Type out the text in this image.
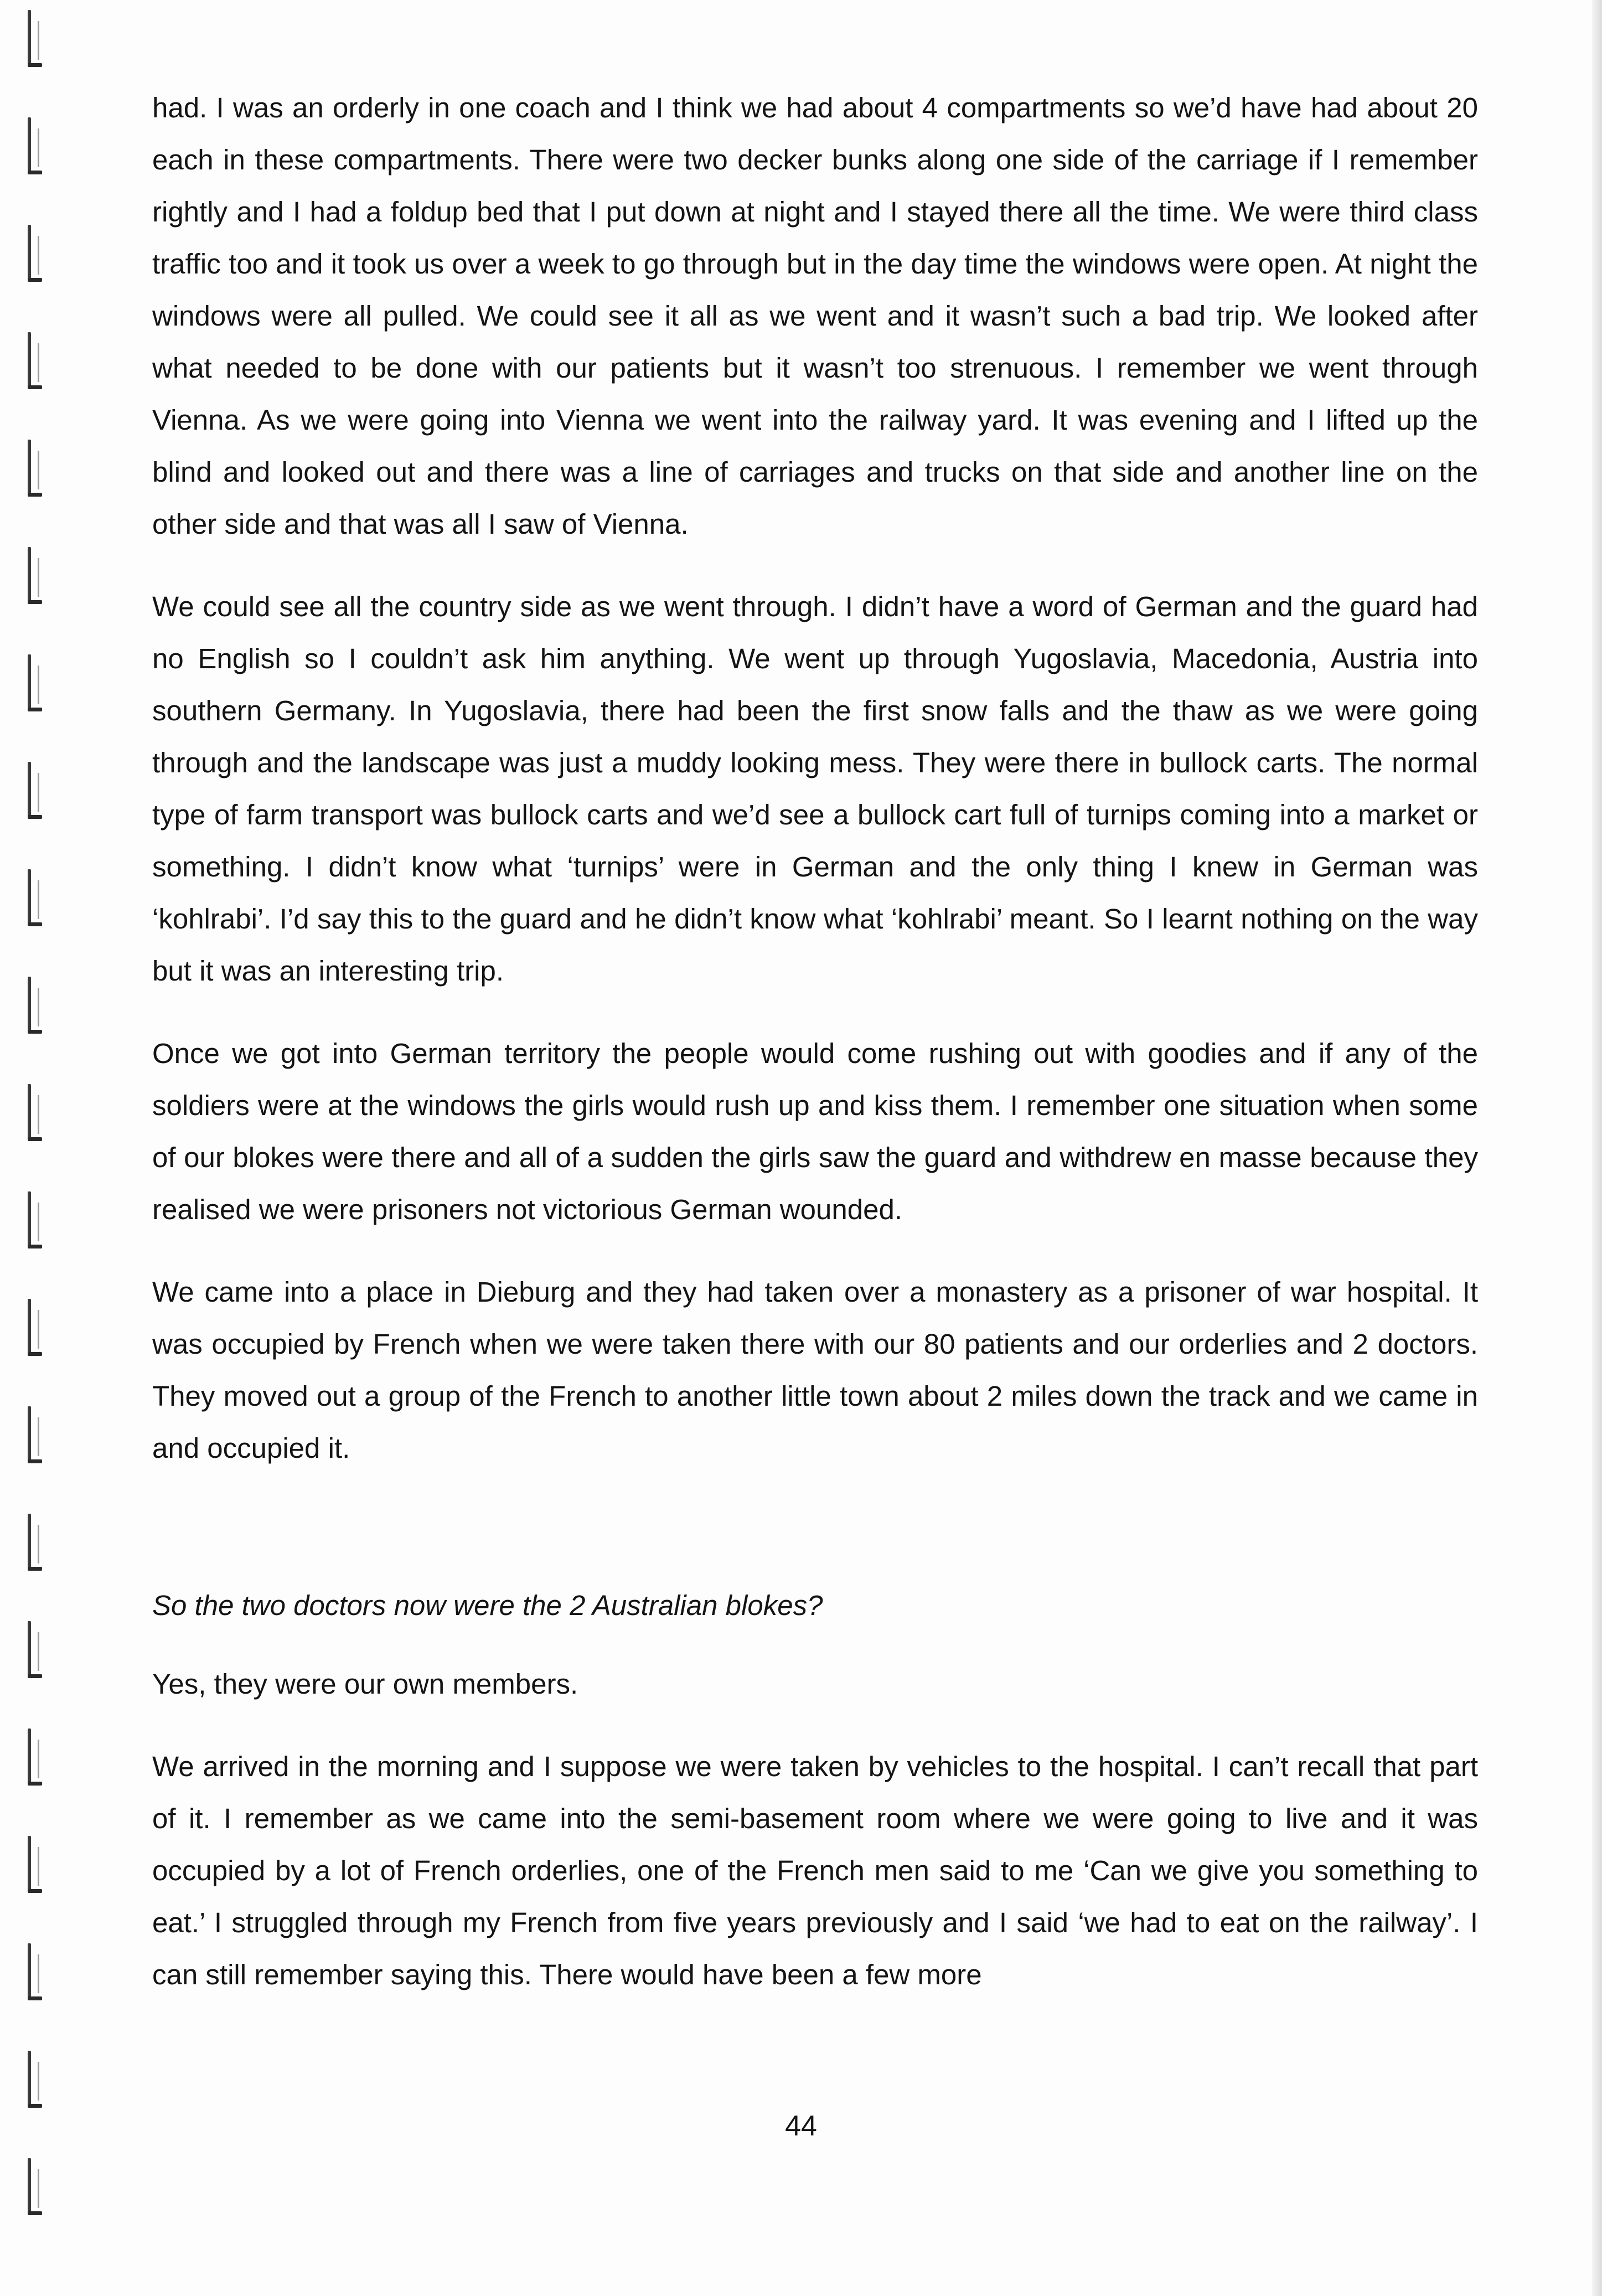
had. I was an orderly in one coach and I think we had about 4 compartments so we’d have had about 20 each in these compartments. There were two decker bunks along one side of the carriage if I remember rightly and I had a foldup bed that I put down at night and I stayed there all the time. We were third class traffic too and it took us over a week to go through but in the day time the windows were open. At night the windows were all pulled. We could see it all as we went and it wasn’t such a bad trip. We looked after what needed to be done with our patients but it wasn’t too strenuous. I remember we went through Vienna. As we were going into Vienna we went into the railway yard. It was evening and I lifted up the blind and looked out and there was a line of carriages and trucks on that side and another line on the other side and that was all I saw of Vienna.

We could see all the country side as we went through. I didn’t have a word of German and the guard had no English so I couldn’t ask him anything. We went up through Yugoslavia, Macedonia, Austria into southern Germany. In Yugoslavia, there had been the first snow falls and the thaw as we were going through and the landscape was just a muddy looking mess. They were there in bullock carts. The normal type of farm transport was bullock carts and we’d see a bullock cart full of turnips coming into a market or something. I didn’t know what ‘turnips’ were in German and the only thing I knew in German was ‘kohlrabi’. I’d say this to the guard and he didn’t know what ‘kohlrabi’ meant. So I learnt nothing on the way but it was an interesting trip.

Once we got into German territory the people would come rushing out with goodies and if any of the soldiers were at the windows the girls would rush up and kiss them. I remember one situation when some of our blokes were there and all of a sudden the girls saw the guard and withdrew en masse because they realised we were prisoners not victorious German wounded.

We came into a place in Dieburg and they had taken over a monastery as a prisoner of war hospital. It was occupied by French when we were taken there with our 80 patients and our orderlies and 2 doctors. They moved out a group of the French to another little town about 2 miles down the track and we came in and occupied it.

So the two doctors now were the 2 Australian blokes?

Yes, they were our own members.

We arrived in the morning and I suppose we were taken by vehicles to the hospital. I can’t recall that part of it. I remember as we came into the semi-basement room where we were going to live and it was occupied by a lot of French orderlies, one of the French men said to me ‘Can we give you something to eat.’ I struggled through my French from five years previously and I said ‘we had to eat on the railway’. I can still remember saying this. There would have been a few more

44
